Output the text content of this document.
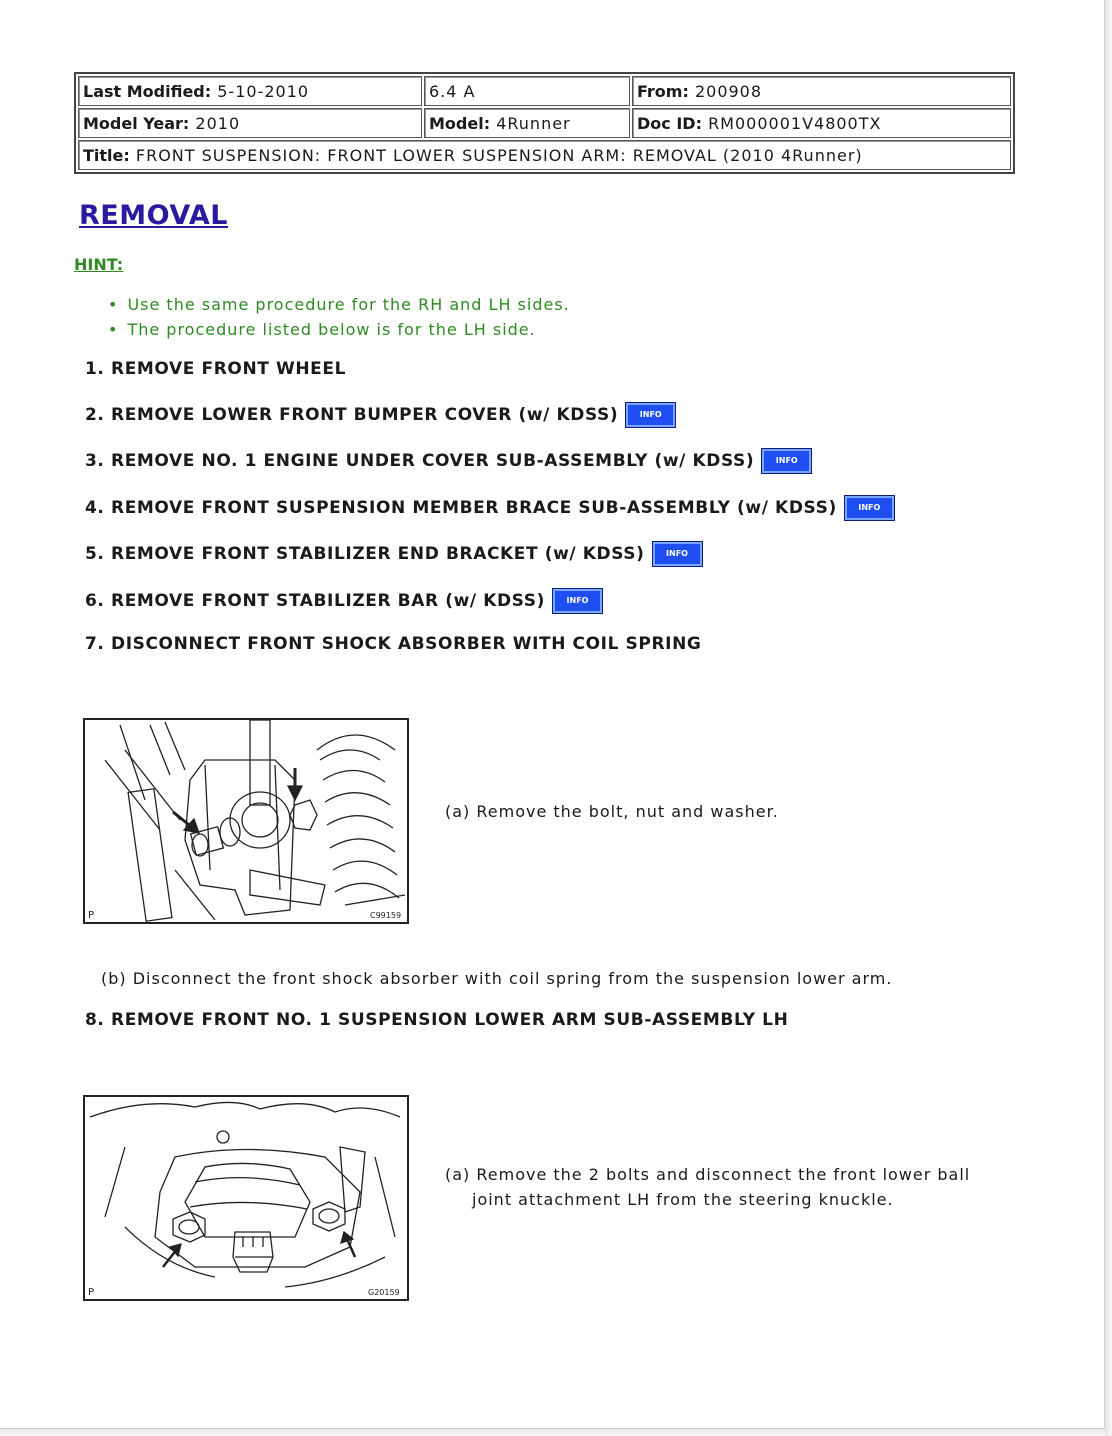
Last Modified: 5-10-2010	6.4 A	From: 200908
Model Year: 2010	Model: 4Runner	Doc ID: RM000001V4800TX
Title: FRONT SUSPENSION: FRONT LOWER SUSPENSION ARM: REMOVAL (2010 4Runner)		
REMOVAL
HINT:
• Use the same procedure for the RH and LH sides.
• The procedure listed below is for the LH side.
1. REMOVE FRONT WHEEL
2. REMOVE LOWER FRONT BUMPER COVER (w/ KDSS)	INFO
3. REMOVE NO. 1 ENGINE UNDER COVER SUB-ASSEMBLY (w/ KDSS)	INFO
4. REMOVE FRONT SUSPENSION MEMBER BRACE SUB-ASSEMBLY (w/ KDSS)	INFO
5. REMOVE FRONT STABILIZER END BRACKET (w/ KDSS)	INFO
6. REMOVE FRONT STABILIZER BAR (w/ KDSS)	INFO
7. DISCONNECT FRONT SHOCK ABSORBER WITH COIL SPRING
P	C99159
(a) Remove the bolt, nut and washer.
(b) Disconnect the front shock absorber with coil spring from the suspension lower arm.
8. REMOVE FRONT NO. 1 SUSPENSION LOWER ARM SUB-ASSEMBLY LH
P	G20159
(a) Remove the 2 bolts and disconnect the front lower ball
joint attachment LH from the steering knuckle.
